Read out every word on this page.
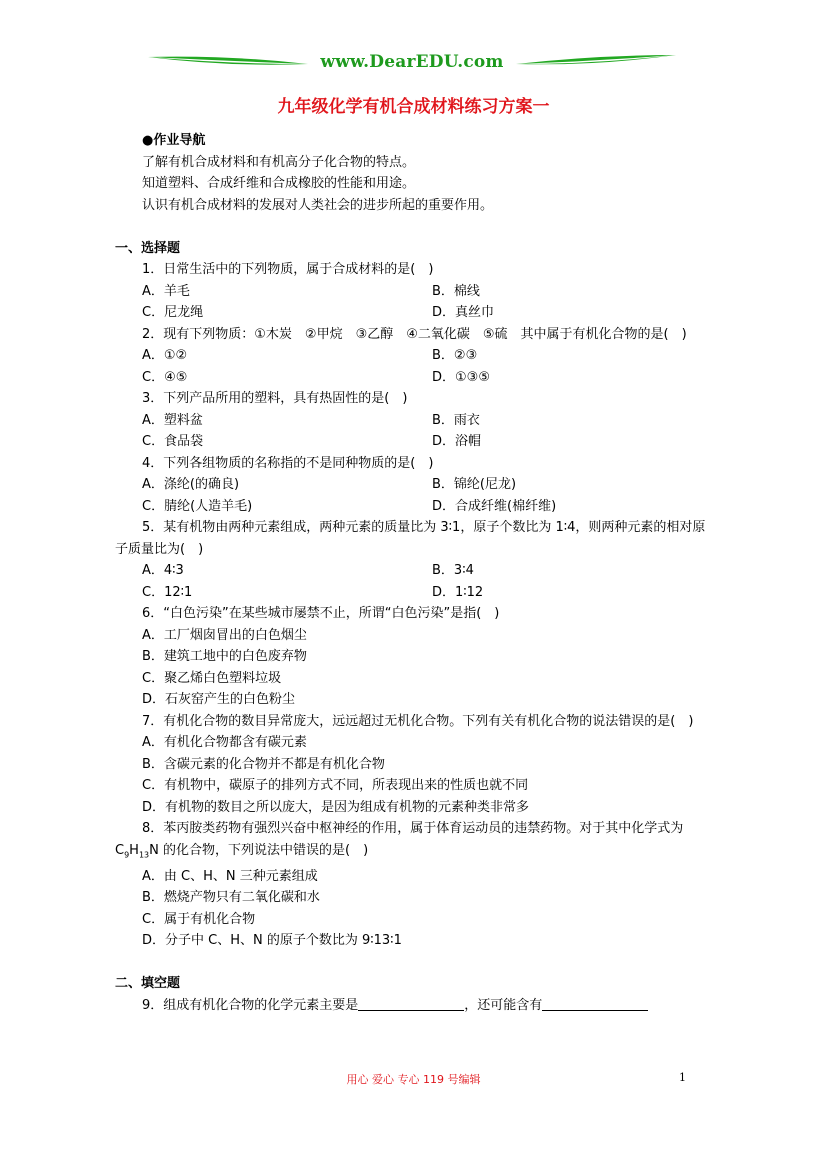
www.DearEDU.com
九年级化学有机合成材料练习方案一
●作业导航
了解有机合成材料和有机高分子化合物的特点。
知道塑料、合成纤维和合成橡胶的性能和用途。
认识有机合成材料的发展对人类社会的进步所起的重要作用。
一、选择题
1．日常生活中的下列物质，属于合成材料的是(　)
A．羊毛	B．棉线
C．尼龙绳	D．真丝巾
2．现有下列物质：①木炭　②甲烷　③乙醇　④二氧化碳　⑤硫　其中属于有机化合物的是(　)
A．①②	B．②③
C．④⑤	D．①③⑤
3．下列产品所用的塑料，具有热固性的是(　)
A．塑料盆	B．雨衣
C．食品袋	D．浴帽
4．下列各组物质的名称指的不是同种物质的是(　)
A．涤纶(的确良)	B．锦纶(尼龙)
C．腈纶(人造羊毛)	D．合成纤维(棉纤维)
5．某有机物由两种元素组成，两种元素的质量比为 3∶1，原子个数比为 1∶4，则两种元素的相对原子质量比为(　)
A．4∶3	B．3∶4
C．12∶1	D．1∶12
6．“白色污染”在某些城市屡禁不止，所谓“白色污染”是指(　)
A．工厂烟囱冒出的白色烟尘
B．建筑工地中的白色废弃物
C．聚乙烯白色塑料垃圾
D．石灰窑产生的白色粉尘
7．有机化合物的数目异常庞大，远远超过无机化合物。下列有关有机化合物的说法错误的是(　)
A．有机化合物都含有碳元素
B．含碳元素的化合物并不都是有机化合物
C．有机物中，碳原子的排列方式不同，所表现出来的性质也就不同
D．有机物的数目之所以庞大，是因为组成有机物的元素种类非常多
8．苯丙胺类药物有强烈兴奋中枢神经的作用，属于体育运动员的违禁药物。对于其中化学式为 $C_9H_{13}N$ 的化合物，下列说法中错误的是(　)
A．由 C、H、N 三种元素组成
B．燃烧产物只有二氧化碳和水
C．属于有机化合物
D．分子中 C、H、N 的原子个数比为 9∶13∶1
二、填空题
9．组成有机化合物的化学元素主要是	，还可能含有
用心 爱心 专心 119 号编辑	1
